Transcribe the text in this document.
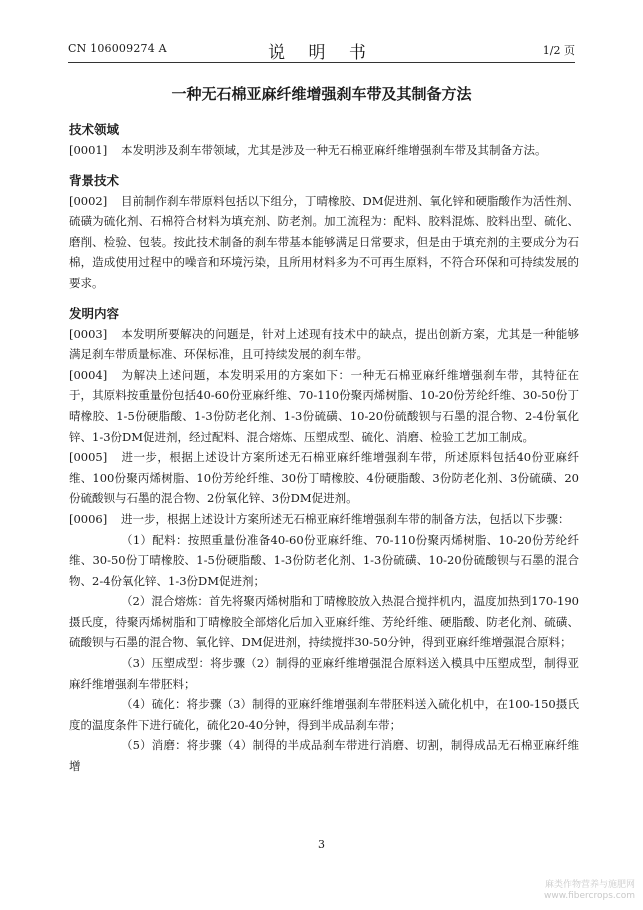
CN 106009274 A	说 明 书	1/2 页
一种无石棉亚麻纤维增强刹车带及其制备方法
技术领域

[0001] 本发明涉及刹车带领域，尤其是涉及一种无石棉亚麻纤维增强刹车带及其制备方法。

背景技术

[0002] 目前制作刹车带原料包括以下组分，丁晴橡胶、DM促进剂、氧化锌和硬脂酸作为活性剂、硫磺为硫化剂、石棉符合材料为填充剂、防老剂。加工流程为：配料、胶料混炼、胶料出型、硫化、磨削、检验、包装。按此技术制备的刹车带基本能够满足日常要求，但是由于填充剂的主要成分为石棉，造成使用过程中的噪音和环境污染，且所用材料多为不可再生原料，不符合环保和可持续发展的要求。

发明内容

[0003] 本发明所要解决的问题是，针对上述现有技术中的缺点，提出创新方案，尤其是一种能够满足刹车带质量标准、环保标准，且可持续发展的刹车带。

[0004] 为解决上述问题，本发明采用的方案如下：一种无石棉亚麻纤维增强刹车带，其特征在于，其原料按重量份包括40-60份亚麻纤维、70-110份聚丙烯树脂、10-20份芳纶纤维、30-50份丁晴橡胶、1-5份硬脂酸、1-3份防老化剂、1-3份硫磺、10-20份硫酸钡与石墨的混合物、2-4份氧化锌、1-3份DM促进剂，经过配料、混合熔炼、压塑成型、硫化、消磨、检验工艺加工制成。

[0005] 进一步，根据上述设计方案所述无石棉亚麻纤维增强刹车带，所述原料包括40份亚麻纤维、100份聚丙烯树脂、10份芳纶纤维、30份丁晴橡胶、4份硬脂酸、3份防老化剂、3份硫磺、20份硫酸钡与石墨的混合物、2份氧化锌、3份DM促进剂。

[0006] 进一步，根据上述设计方案所述无石棉亚麻纤维增强刹车带的制备方法，包括以下步骤：

（1）配料：按照重量份准备40-60份亚麻纤维、70-110份聚丙烯树脂、10-20份芳纶纤维、30-50份丁晴橡胶、1-5份硬脂酸、1-3份防老化剂、1-3份硫磺、10-20份硫酸钡与石墨的混合物、2-4份氧化锌、1-3份DM促进剂；

（2）混合熔炼：首先将聚丙烯树脂和丁晴橡胶放入热混合搅拌机内，温度加热到170-190摄氏度，待聚丙烯树脂和丁晴橡胶全部熔化后加入亚麻纤维、芳纶纤维、硬脂酸、防老化剂、硫磺、硫酸钡与石墨的混合物、氧化锌、DM促进剂，持续搅拌30-50分钟，得到亚麻纤维增强混合原料；

（3）压塑成型：将步骤（2）制得的亚麻纤维增强混合原料送入模具中压塑成型，制得亚麻纤维增强刹车带胚料；

（4）硫化：将步骤（3）制得的亚麻纤维增强刹车带胚料送入硫化机中，在100-150摄氏度的温度条件下进行硫化，硫化20-40分钟，得到半成品刹车带；

（5）消磨：将步骤（4）制得的半成品刹车带进行消磨、切割，制得成品无石棉亚麻纤维增

3
麻类作物营养与施肥网
www.fibercrops.com
